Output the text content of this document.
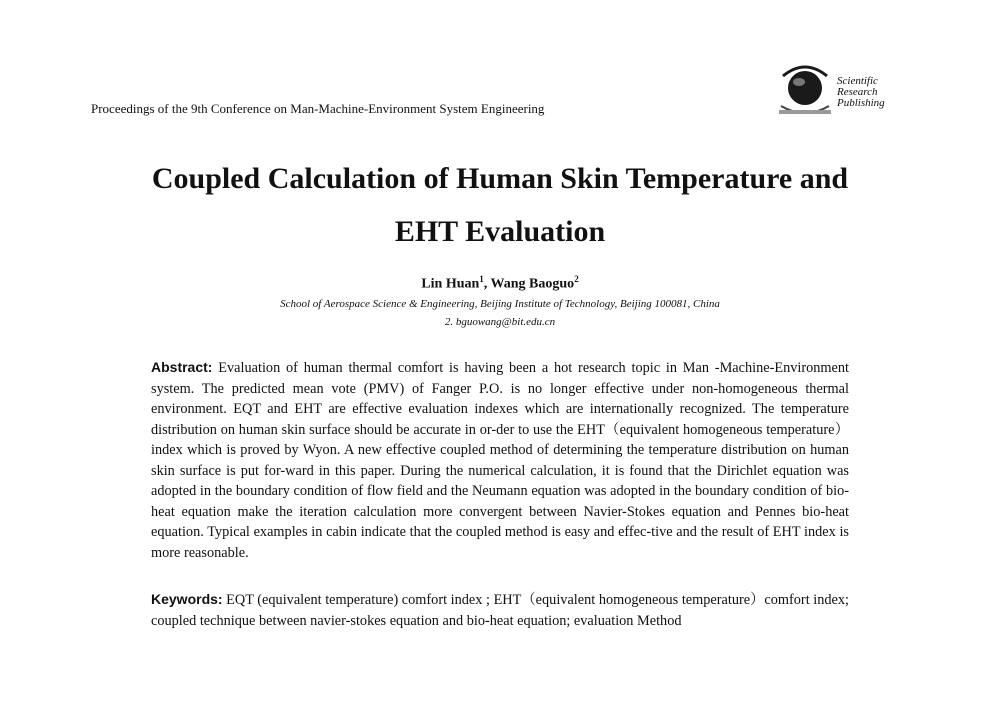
Proceedings of the 9th Conference on Man-Machine-Environment System Engineering
Scientific
Research
Publishing
Coupled Calculation of Human Skin Temperature and
EHT Evaluation
Lin Huan$^1$, Wang Baoguo$^2$
School of Aerospace Science & Engineering, Beijing Institute of Technology, Beijing 100081, China
2. bguowang@bit.edu.cn

Abstract: Evaluation of human thermal comfort is having been a hot research topic in Man -Machine-Environment system. The predicted mean vote (PMV) of Fanger P.O. is no longer effective under non-homogeneous thermal environment. EQT and EHT are effective evaluation indexes which are internationally recognized. The temperature distribution on human skin surface should be accurate in or-der to use the EHT（equivalent homogeneous temperature）index which is proved by Wyon. A new effective coupled method of determining the temperature distribution on human skin surface is put for-ward in this paper. During the numerical calculation, it is found that the Dirichlet equation was adopted in the boundary condition of flow field and the Neumann equation was adopted in the boundary condition of bio-heat equation make the iteration calculation more convergent between Navier-Stokes equation and Pennes bio-heat equation. Typical examples in cabin indicate that the coupled method is easy and effec-tive and the result of EHT index is more reasonable.

Keywords: EQT (equivalent temperature) comfort index ; EHT（equivalent homogeneous temperature）comfort index; coupled technique between navier-stokes equation and bio-heat equation; evaluation Method
